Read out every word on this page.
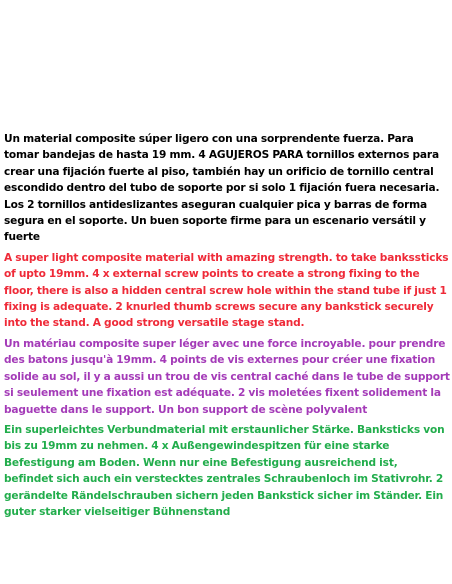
Un material composite súper ligero con una sorprendente fuerza. Para tomar bandejas de hasta 19 mm. 4 AGUJEROS PARA tornillos externos para crear una fijación fuerte al piso, también hay un orificio de tornillo central escondido dentro del tubo de soporte por si solo 1 fijación fuera necesaria. Los 2 tornillos antideslizantes aseguran cualquier pica y barras de forma segura en el soporte. Un buen soporte firme para un escenario versátil y fuerte

A super light composite material with amazing strength. to take bankssticks of upto 19mm. 4 x external screw points to create a strong fixing to the floor, there is also a hidden central screw hole within the stand tube if just 1 fixing is adequate. 2 knurled thumb screws secure any bankstick securely into the stand. A good strong versatile stage stand.

Un matériau composite super léger avec une force incroyable. pour prendre des batons jusqu'à 19mm. 4 points de vis externes pour créer une fixation solide au sol, il y a aussi un trou de vis central caché dans le tube de support si seulement une fixation est adéquate. 2 vis moletées fixent solidement la baguette dans le support. Un bon support de scène polyvalent

Ein superleichtes Verbundmaterial mit erstaunlicher Stärke. Banksticks von bis zu 19mm zu nehmen. 4 x Außengewindespitzen für eine starke Befestigung am Boden. Wenn nur eine Befestigung ausreichend ist, befindet sich auch ein verstecktes zentrales Schraubenloch im Stativrohr. 2 gerändelte Rändelschrauben sichern jeden Bankstick sicher im Ständer. Ein guter starker vielseitiger Bühnenstand
